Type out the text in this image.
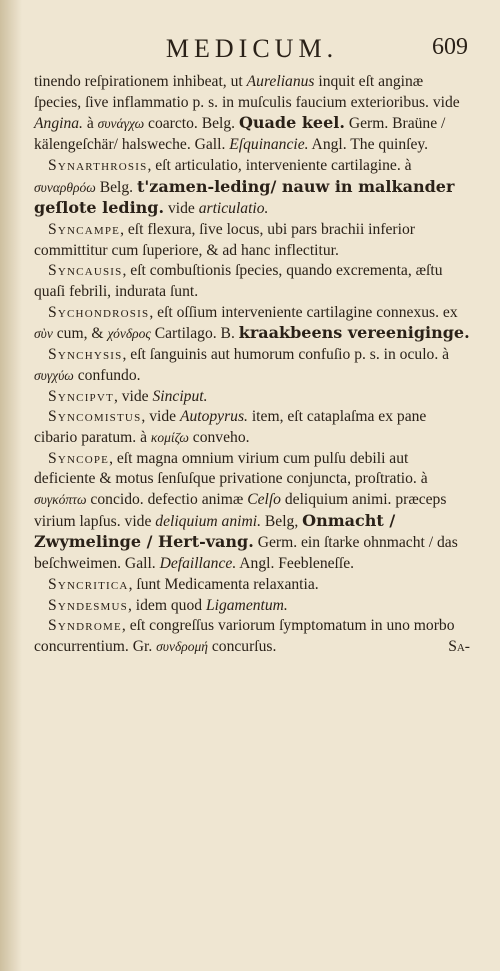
MEDICUM.	609

tinendo reſpirationem inhibeat, ut Aurelianus inquit eſt anginæ ſpecies, ſive inflammatio p. s. in muſculis faucium exterioribus. vide Angina. à συνάγχω coarcto. Belg. Quade keel. Germ. Braüne / kälengeſchär/ halsweche. Gall. Eſquinancie. Angl. The quinſey.

Synarthrosis, eſt articulatio, interveniente cartilagine. à συναρθρόω Belg. t'zamen-leding/ nauw in malkander geſlote leding. vide articulatio.

Syncampe, eſt flexura, ſive locus, ubi pars brachii inferior committitur cum ſuperiore, & ad hanc inflectitur.

Syncausis, eſt combuſtionis ſpecies, quando excrementa, æſtu quaſi febrili, indurata ſunt.

Sychondrosis, eſt oſſium interveniente cartilagine connexus. ex σὺν cum, & χόνδρος Cartilago. B. kraakbeens vereeniginge.

Synchysis, eſt ſanguinis aut humorum confuſio p. s. in oculo. à συγχύω confundo.

Syncipvt, vide Sinciput.

Syncomistus, vide Autopyrus. item, eſt cataplaſma ex pane cibario paratum. à κομίζω conveho.

Syncope, eſt magna omnium virium cum pulſu debili aut deficiente & motus ſenſuſque privatione conjuncta, proſtratio. à συγκόπτω concido. defectio animæ Celſo deliquium animi. præceps virium lapſus. vide deliquium animi. Belg, Onmacht / Zwymelinge / Hert-vang. Germ. ein ſtarke ohnmacht / das beſchweimen. Gall. Defaillance. Angl. Feebleneſſe.

Syncritica, ſunt Medicamenta relaxantia.

Syndesmus, idem quod Ligamentum.

Syndrome, eſt congreſſus variorum ſymptomatum in uno morbo concurrentium. Gr. συνδρομή concurſus.	Sa-
